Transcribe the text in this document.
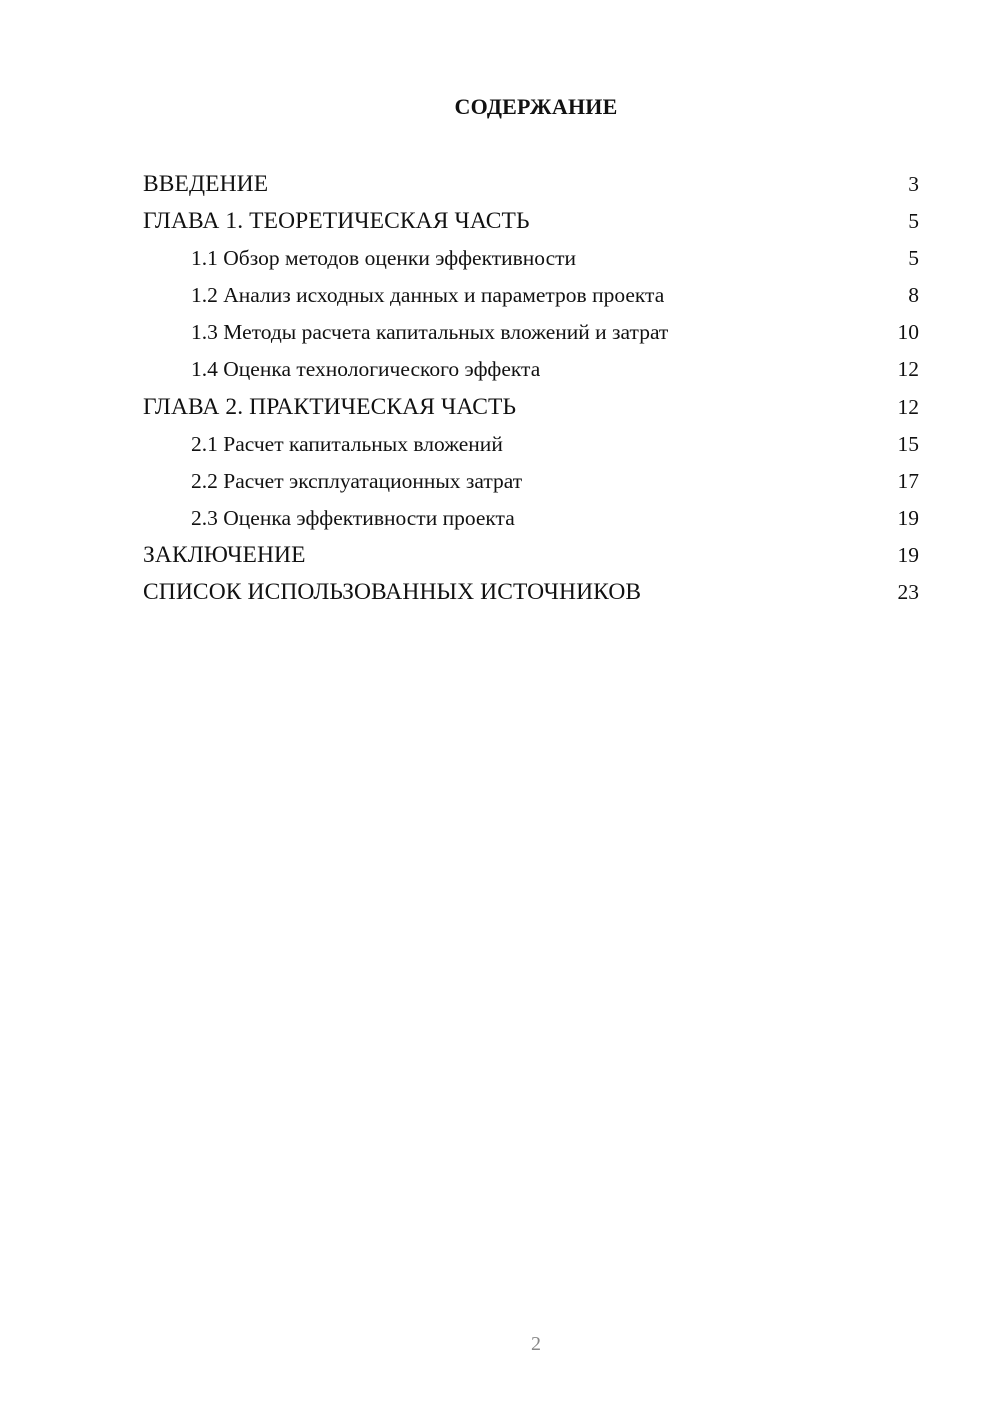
СОДЕРЖАНИЕ
ВВЕДЕНИЕ	3
ГЛАВА 1. ТЕОРЕТИЧЕСКАЯ ЧАСТЬ	5
1.1 Обзор методов оценки эффективности	5
1.2 Анализ исходных данных и параметров проекта	8
1.3 Методы расчета капитальных вложений и затрат	10
1.4 Оценка технологического эффекта	12
ГЛАВА 2. ПРАКТИЧЕСКАЯ ЧАСТЬ	12
2.1 Расчет капитальных вложений	15
2.2 Расчет эксплуатационных затрат	17
2.3 Оценка эффективности проекта	19
ЗАКЛЮЧЕНИЕ	19
СПИСОК ИСПОЛЬЗОВАННЫХ ИСТОЧНИКОВ	23
2
